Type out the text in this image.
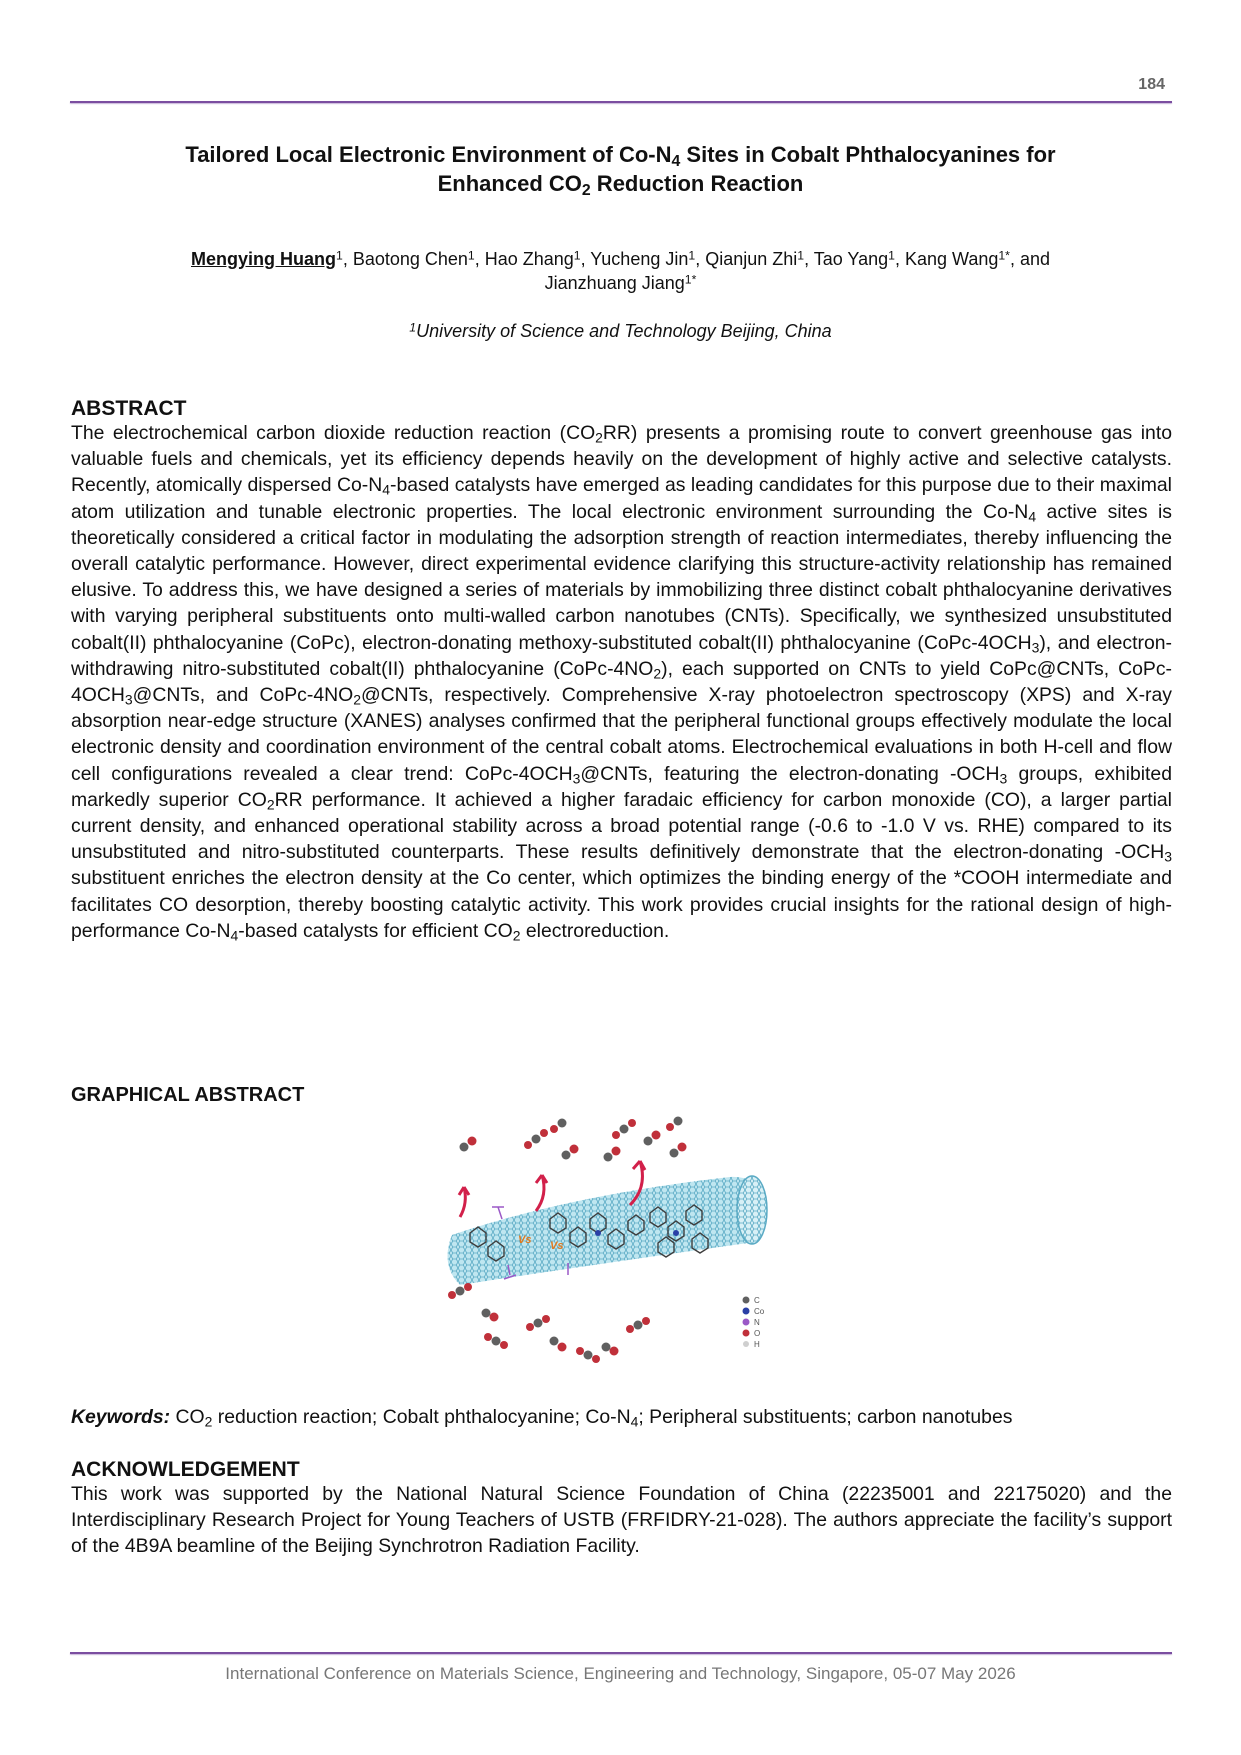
184
Tailored Local Electronic Environment of $Co-N_4$ Sites in Cobalt Phthalocyanines for
Enhanced $CO_2$ Reduction Reaction
Mengying Huang$^1$, Baotong Chen$^1$, Hao Zhang$^1$, Yucheng Jin$^1$, Qianjun Zhi$^1$, Tao Yang$^1$, Kang Wang$^{1*}$, and
Jianzhuang Jiang$^{1*}$
$^1$University of Science and Technology Beijing, China
ABSTRACT
The electrochemical carbon dioxide reduction reaction $(CO_2RR)$ presents a promising route to convert greenhouse gas into valuable fuels and chemicals, yet its efficiency depends heavily on the development of highly active and selective catalysts. Recently, atomically dispersed $Co-N_4$-based catalysts have emerged as leading candidates for this purpose due to their maximal atom utilization and tunable electronic properties. The local electronic environment surrounding the $Co-N_4$ active sites is theoretically considered a critical factor in modulating the adsorption strength of reaction intermediates, thereby influencing the overall catalytic performance. However, direct experimental evidence clarifying this structure-activity relationship has remained elusive. To address this, we have designed a series of materials by immobilizing three distinct cobalt phthalocyanine derivatives with varying peripheral substituents onto multi-walled carbon nanotubes (CNTs). Specifically, we synthesized unsubstituted cobalt(II) phthalocyanine (CoPc), electron-donating methoxy-substituted cobalt(II) phthalocyanine $(CoPc-4OCH_3)$, and electron-withdrawing nitro-substituted cobalt(II) phthalocyanine $(CoPc-4NO_2)$, each supported on CNTs to yield CoPc@CNTs, CoPc-$4OCH_3@CNTs$, and CoPc-$4NO_2@CNTs$, respectively. Comprehensive X-ray photoelectron spectroscopy (XPS) and X-ray absorption near-edge structure (XANES) analyses confirmed that the peripheral functional groups effectively modulate the local electronic density and coordination environment of the central cobalt atoms. Electrochemical evaluations in both H-cell and flow cell configurations revealed a clear trend: CoPc-$4OCH_3@CNTs$, featuring the electron-donating $-OCH_3$ groups, exhibited markedly superior $CO_2RR$ performance. It achieved a higher faradaic efficiency for carbon monoxide (CO), a larger partial current density, and enhanced operational stability across a broad potential range (-0.6 to -1.0 V vs. RHE) compared to its unsubstituted and nitro-substituted counterparts. These results definitively demonstrate that the electron-donating $-OCH_3$ substituent enriches the electron density at the Co center, which optimizes the binding energy of the *COOH intermediate and facilitates CO desorption, thereby boosting catalytic activity. This work provides crucial insights for the rational design of high-performance $Co-N_4$-based catalysts for efficient $CO_2$ electroreduction.
GRAPHICAL ABSTRACT
Vs Vs
C
Co
N
O
H
Keywords: $CO_2$ reduction reaction; Cobalt phthalocyanine; $Co-N_4$; Peripheral substituents; carbon nanotubes
ACKNOWLEDGEMENT
This work was supported by the National Natural Science Foundation of China (22235001 and 22175020) and the Interdisciplinary Research Project for Young Teachers of USTB (FRFIDRY-21-028). The authors appreciate the facility’s support of the 4B9A beamline of the Beijing Synchrotron Radiation Facility.
International Conference on Materials Science, Engineering and Technology, Singapore, 05-07 May 2026
